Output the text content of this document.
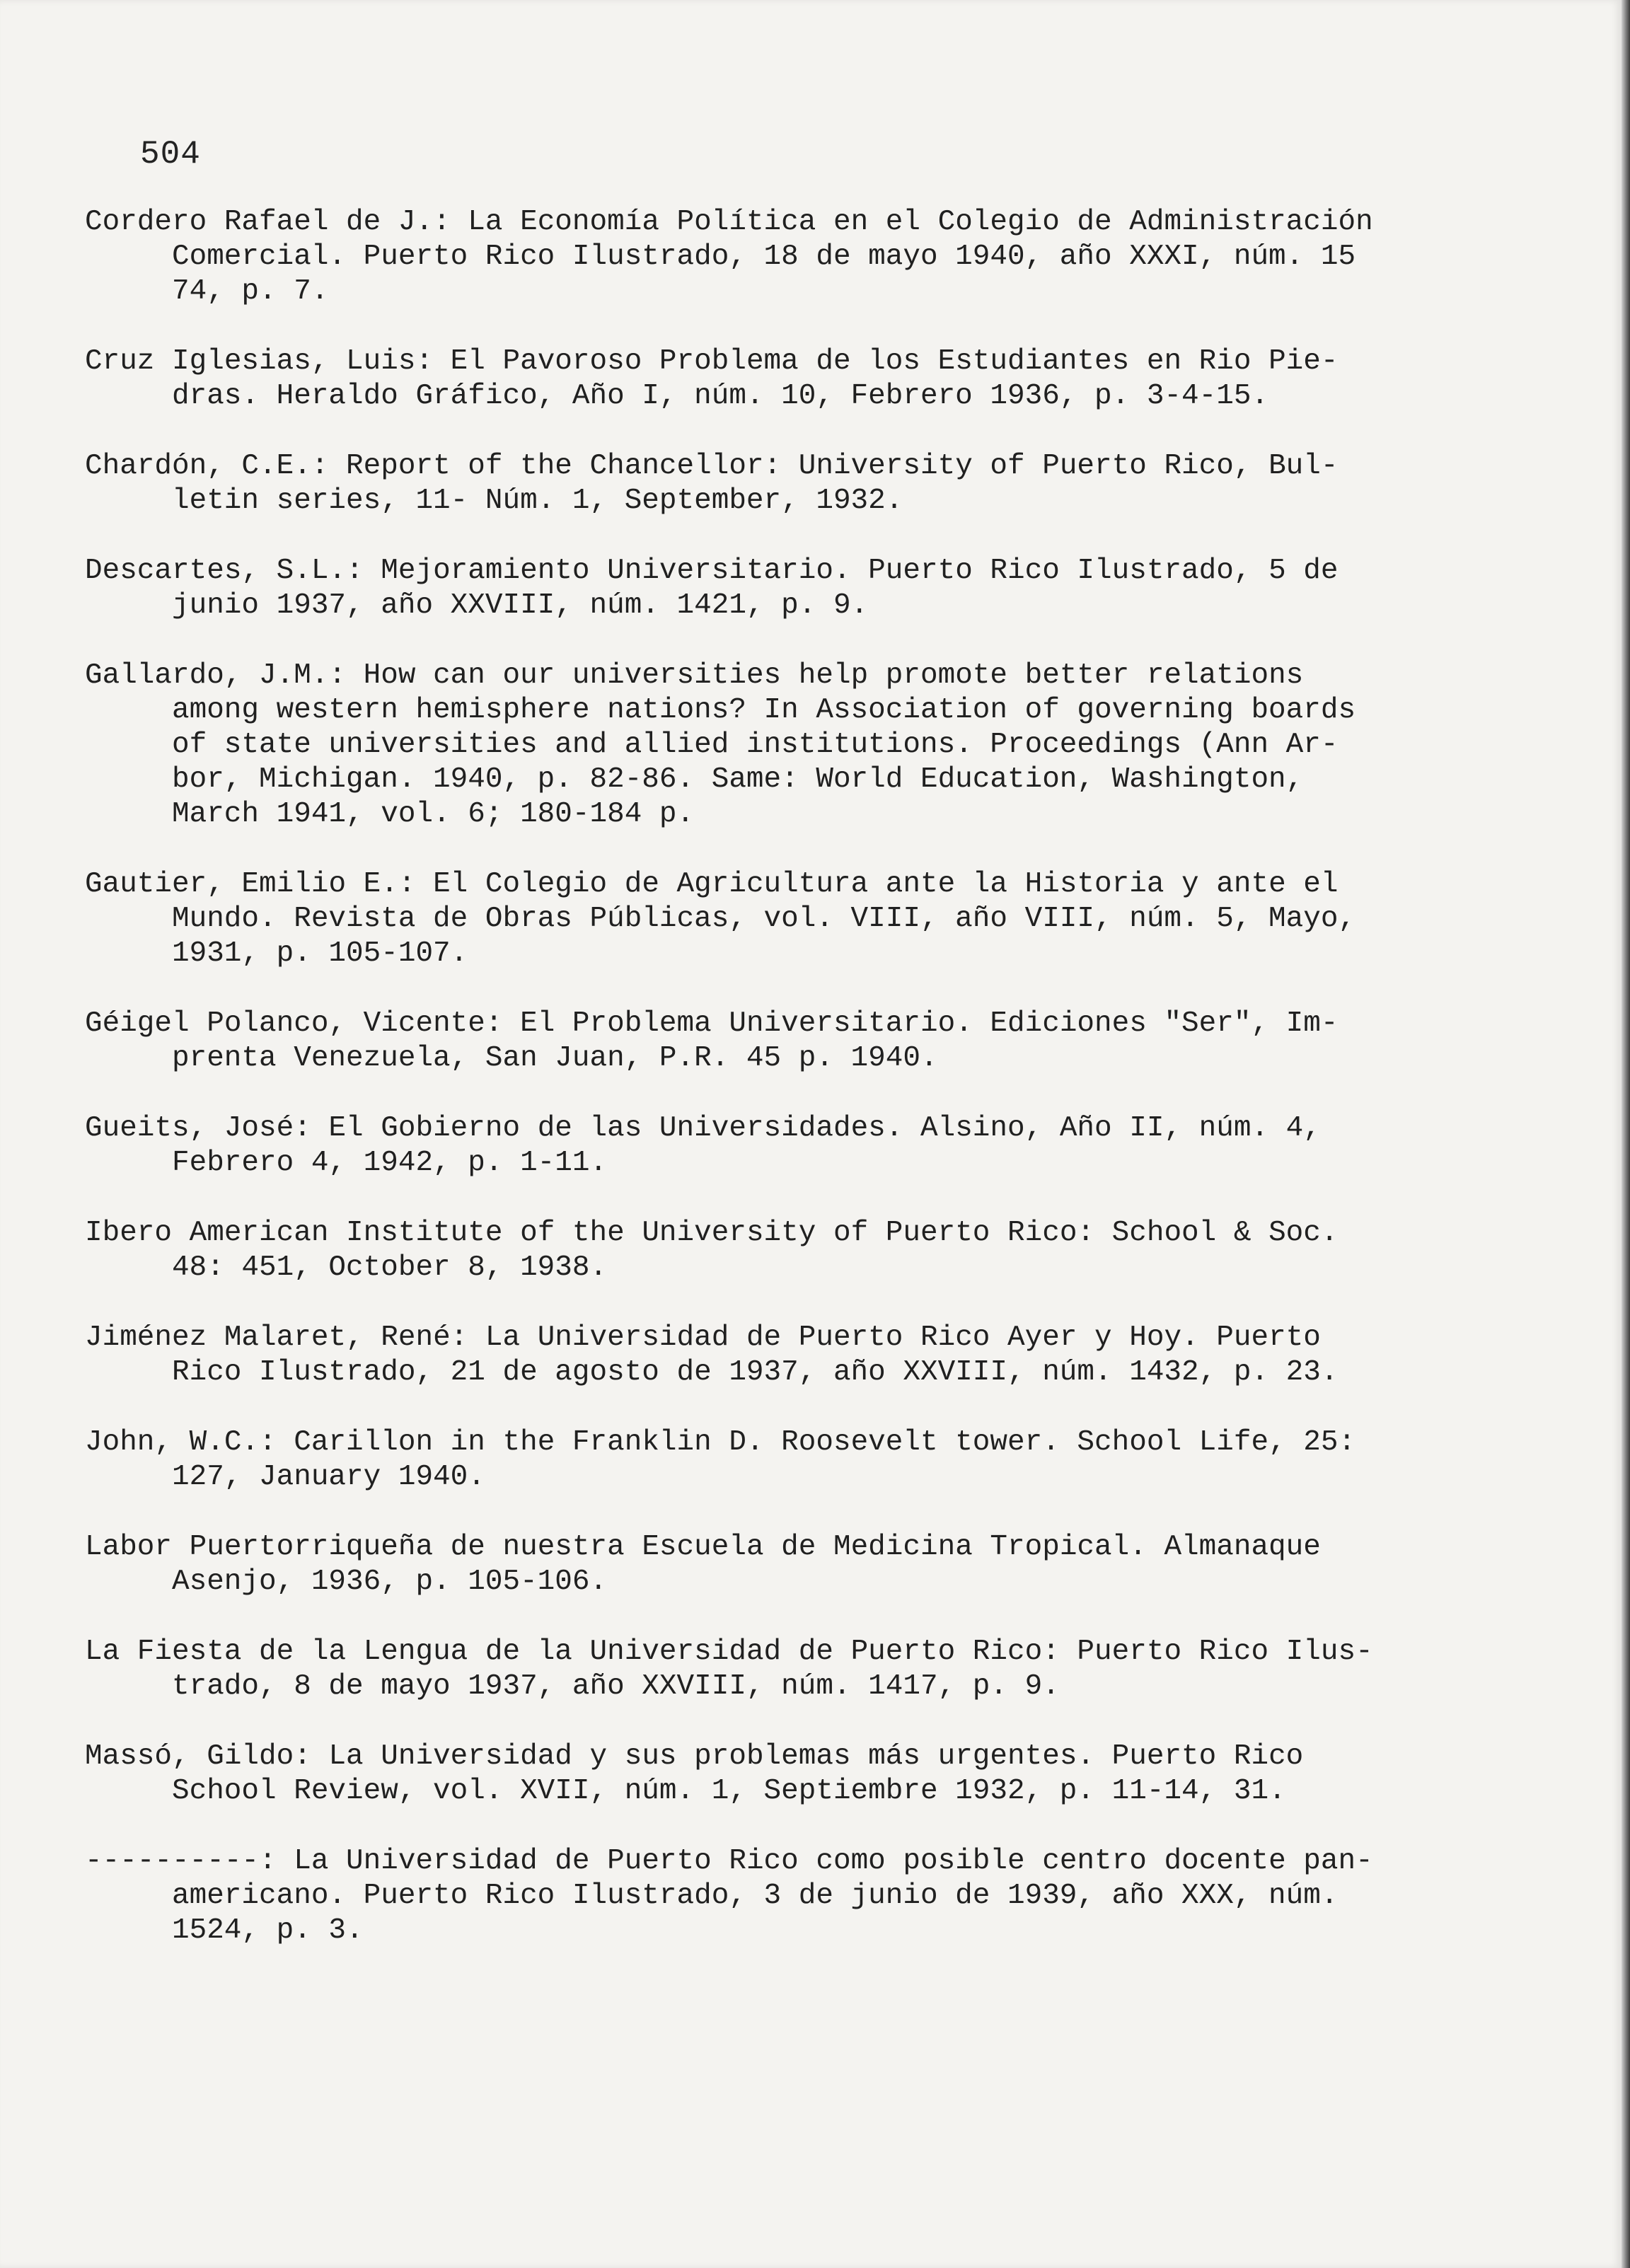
504
Cordero Rafael de J.: La Economía Política en el Colegio de Administración
Comercial. Puerto Rico Ilustrado, 18 de mayo 1940, año XXXI, núm. 15
74, p. 7.
Cruz Iglesias, Luis: El Pavoroso Problema de los Estudiantes en Rio Pie-
dras. Heraldo Gráfico, Año I, núm. 10, Febrero 1936, p. 3-4-15.
Chardón, C.E.: Report of the Chancellor: University of Puerto Rico, Bul-
letin series, 11- Núm. 1, September, 1932.
Descartes, S.L.: Mejoramiento Universitario. Puerto Rico Ilustrado, 5 de
junio 1937, año XXVIII, núm. 1421, p. 9.
Gallardo, J.M.: How can our universities help promote better relations
among western hemisphere nations? In Association of governing boards
of state universities and allied institutions. Proceedings (Ann Ar-
bor, Michigan. 1940, p. 82-86. Same: World Education, Washington,
March 1941, vol. 6; 180-184 p.
Gautier, Emilio E.: El Colegio de Agricultura ante la Historia y ante el
Mundo. Revista de Obras Públicas, vol. VIII, año VIII, núm. 5, Mayo,
1931, p. 105-107.
Géigel Polanco, Vicente: El Problema Universitario. Ediciones "Ser", Im-
prenta Venezuela, San Juan, P.R. 45 p. 1940.
Gueits, José: El Gobierno de las Universidades. Alsino, Año II, núm. 4,
Febrero 4, 1942, p. 1-11.
Ibero American Institute of the University of Puerto Rico: School & Soc.
48: 451, October 8, 1938.
Jiménez Malaret, René: La Universidad de Puerto Rico Ayer y Hoy. Puerto
Rico Ilustrado, 21 de agosto de 1937, año XXVIII, núm. 1432, p. 23.
John, W.C.: Carillon in the Franklin D. Roosevelt tower. School Life, 25:
127, January 1940.
Labor Puertorriqueña de nuestra Escuela de Medicina Tropical. Almanaque
Asenjo, 1936, p. 105-106.
La Fiesta de la Lengua de la Universidad de Puerto Rico: Puerto Rico Ilus-
trado, 8 de mayo 1937, año XXVIII, núm. 1417, p. 9.
Massó, Gildo: La Universidad y sus problemas más urgentes. Puerto Rico
School Review, vol. XVII, núm. 1, Septiembre 1932, p. 11-14, 31.
----------: La Universidad de Puerto Rico como posible centro docente pan-
americano. Puerto Rico Ilustrado, 3 de junio de 1939, año XXX, núm.
1524, p. 3.
